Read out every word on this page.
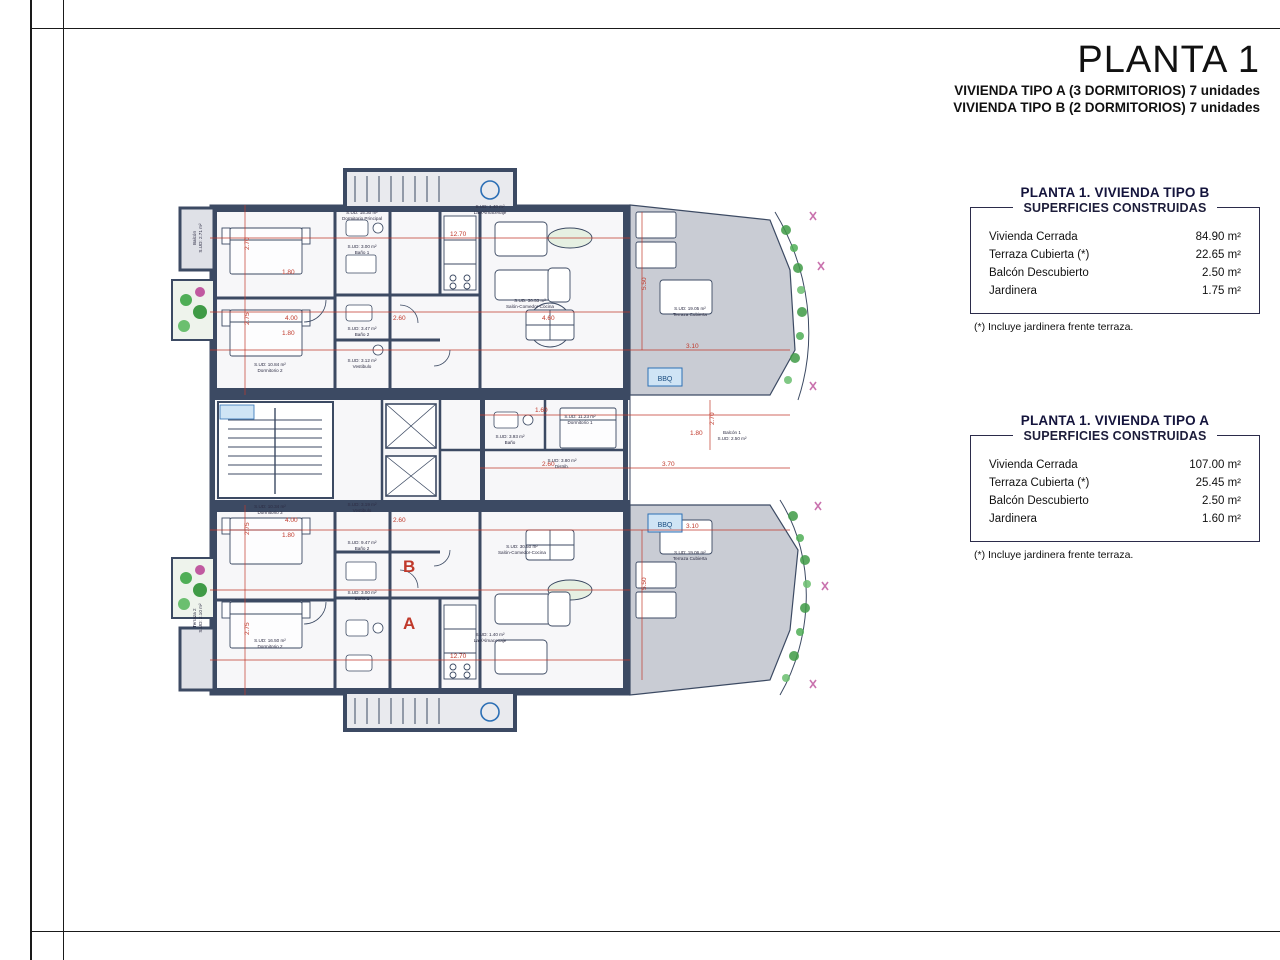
PLANTA 1
VIVIENDA TIPO A (3 DORMITORIOS) 7 unidades
VIVIENDA TIPO B (2 DORMITORIOS) 7 unidades
PLANTA 1. VIVIENDA TIPO B
SUPERFICIES CONSTRUIDAS
Vivienda Cerrada	84.90 m²
Terraza Cubierta (*)	22.65 m²
Balcón Descubierto	2.50 m²
Jardinera	1.75 m²
(*) Incluye jardinera frente terraza.
PLANTA 1. VIVIENDA TIPO A
SUPERFICIES CONSTRUIDAS
Vivienda Cerrada	107.00 m²
Terraza Cubierta (*)	25.45 m²
Balcón Descubierto	2.50 m²
Jardinera	1.60 m²
(*) Incluye jardinera frente terraza.
BBQ
BBQ
12.70
1.80
4.00
1.80
2.60	4.60
3.10
2.70
2.75
5.50
1.60
1.80
2.70
2.60	3.70
3.10
4.00
1.80
2.60
5.50
2.75
2.75
12.70
S.UD: 15.30 m²
Dormitorio Principal
S.UD: 1.40 m²
Lav/Almacenaje
S.UD: 3.00 m²
Baño 1
S.UD: 30.53 m²
Salón-Comedor-Cocina	S.UD: 19.05 m²
Terraza Cubierta
S.UD: 10.84 m²
Dormitorio 2
S.UD: 3.47 m²
Baño 2
S.UD: 3.12 m²
Vestibulo
Balcón S.UD: 2.71 m²
S.UD: 3.93 m²
Baño
S.UD: 11.23 m²
Dormitorio 1
Balcón 1
S.UD: 2.50 m²
S.UD: 3.80 m²
Distrib.
S.UD: 10.34 m²
Dormitorio 3
S.UD: 3.19 m²
Vestibulo
S.UD: 9.47 m²
Baño 2	S.UD: 30.50 m²
Salón-Comedor-Cocina	S.UD: 19.06 m²
Terraza Cubierta
S.UD: 3.00 m²
Baño 1
S.UD: 1.40 m²
Lav/Almacenaje
S.UD: 16.50 m²
Dormitorio 2
Terraza 2 S.UD: 2.10 m²
B
A
